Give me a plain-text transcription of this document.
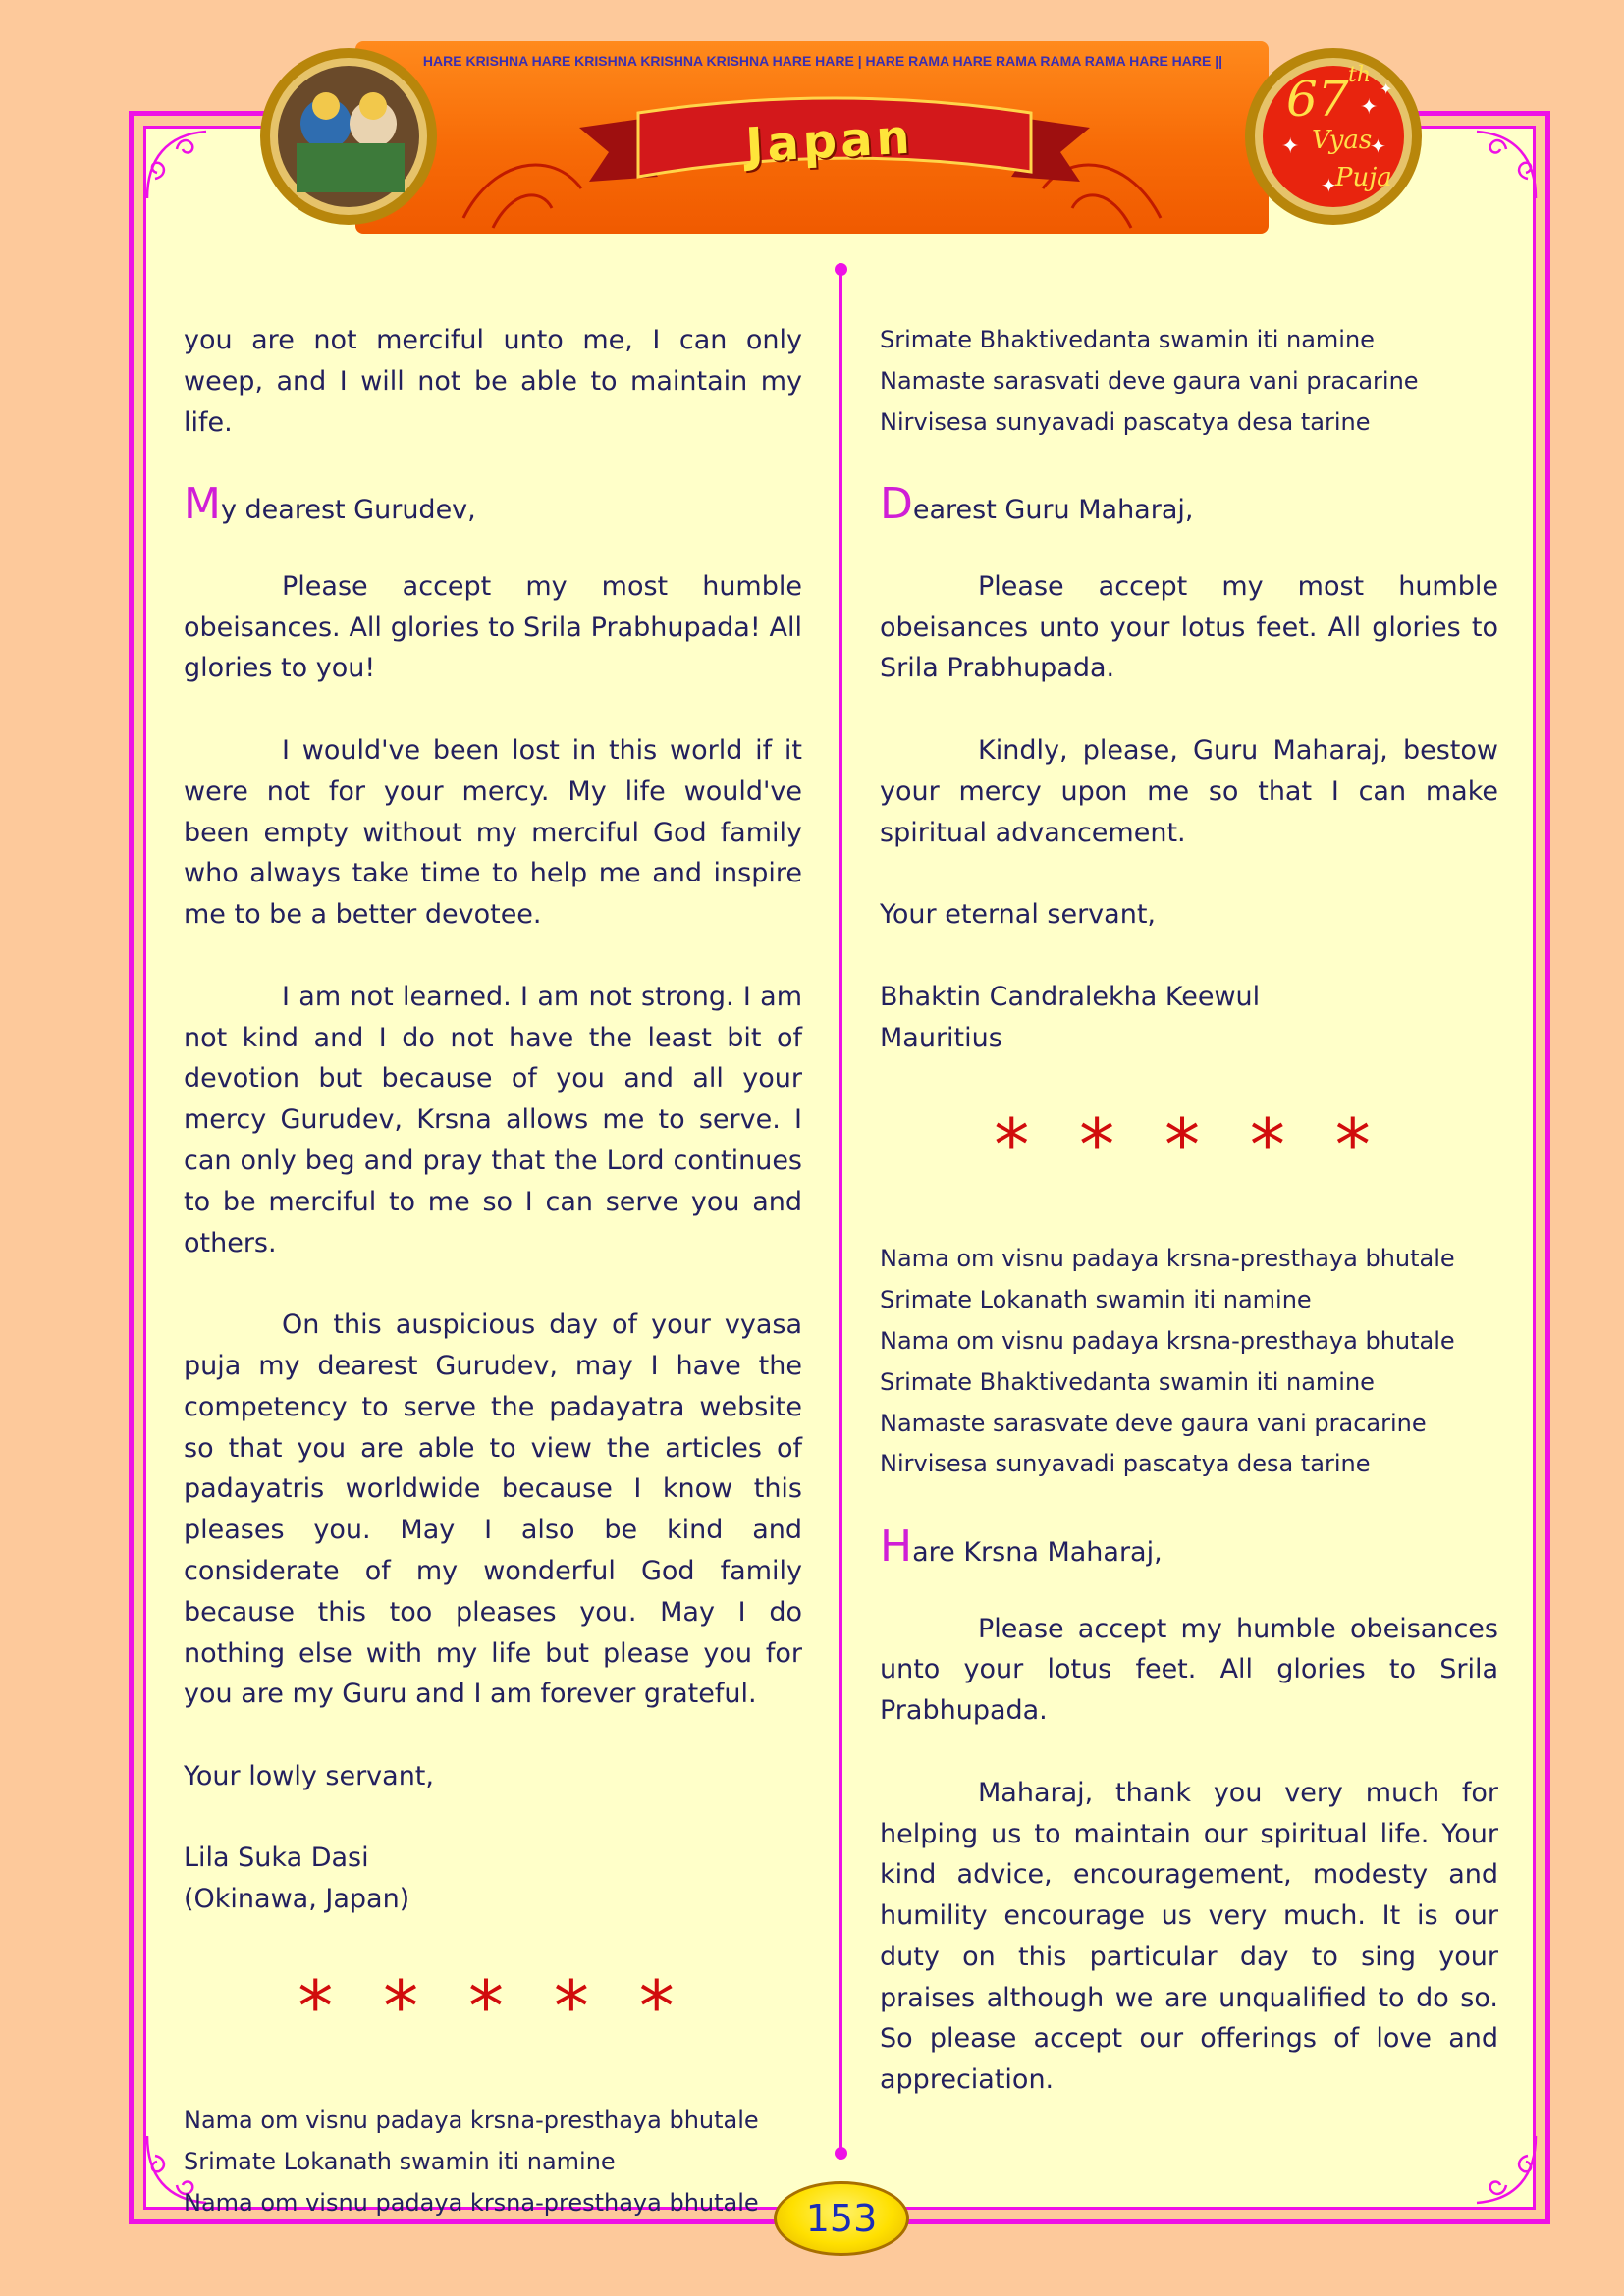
HARE KRISHNA HARE KRISHNA KRISHNA KRISHNA HARE HARE | HARE RAMA HARE RAMA RAMA RAMA HARE HARE ||
Japan
✦
✦	✦
✦
✦
67 th
Vyas
Puja

you are not merciful unto me, I can only weep, and I will not be able to maintain my life.

My dearest Gurudev,

Please accept my most humble obeisances. All glories to Srila Prabhupada! All glories to you!

I would've been lost in this world if it were not for your mercy. My life would've been empty without my merciful God family who always take time to help me and inspire me to be a better devotee.

I am not learned. I am not strong. I am not kind and I do not have the least bit of devotion but because of you and all your mercy Gurudev, Krsna allows me to serve. I can only beg and pray that the Lord continues to be merciful to me so I can serve you and others.

On this auspicious day of your vyasa puja my dearest Gurudev, may I have the competency to serve the padayatra website so that you are able to view the articles of padayatris worldwide because I know this pleases you. May I also be kind and considerate of my wonderful God family because this too pleases you. May I do nothing else with my life but please you for you are my Guru and I am forever grateful.

Your lowly servant,

Lila Suka Dasi

(Okinawa, Japan)

* * * * *

Nama om visnu padaya krsna-presthaya bhutale

Srimate Lokanath swamin iti namine

Nama om visnu padaya krsna-presthaya bhutale

Srimate Bhaktivedanta swamin iti namine

Namaste sarasvati deve gaura vani pracarine

Nirvisesa sunyavadi pascatya desa tarine

Dearest Guru Maharaj,

Please accept my most humble obeisances unto your lotus feet. All glories to Srila Prabhupada.

Kindly, please, Guru Maharaj, bestow your mercy upon me so that I can make spiritual advancement.

Your eternal servant,

Bhaktin Candralekha Keewul

Mauritius

* * * * *

Nama om visnu padaya krsna-presthaya bhutale

Srimate Lokanath swamin iti namine

Nama om visnu padaya krsna-presthaya bhutale

Srimate Bhaktivedanta swamin iti namine

Namaste sarasvate deve gaura vani pracarine

Nirvisesa sunyavadi pascatya desa tarine

Hare Krsna Maharaj,

Please accept my humble obeisances unto your lotus feet. All glories to Srila Prabhupada.

Maharaj, thank you very much for helping us to maintain our spiritual life. Your kind advice, encouragement, modesty and humility encourage us very much. It is our duty on this particular day to sing your praises although we are unqualified to do so. So please accept our offerings of love and appreciation.

153
